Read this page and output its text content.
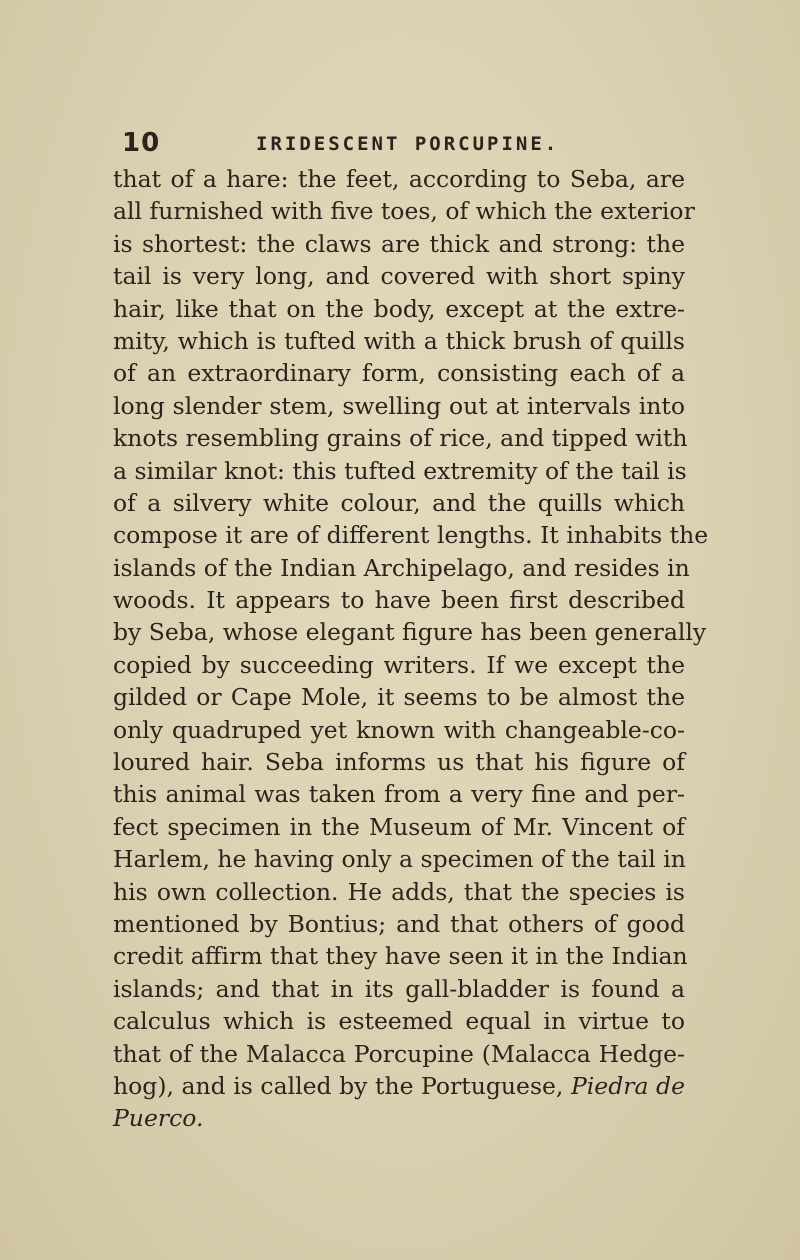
10	IRIDESCENT PORCUPINE.
that of a hare: the feet, according to Seba, are
all furnished with five toes, of which the exterior
is shortest: the claws are thick and strong: the
tail is very long, and covered with short spiny
hair, like that on the body, except at the extre-
mity, which is tufted with a thick brush of quills
of an extraordinary form, consisting each of a
long slender stem, swelling out at intervals into
knots resembling grains of rice, and tipped with
a similar knot: this tufted extremity of the tail is
of a silvery white colour, and the quills which
compose it are of different lengths. It inhabits the
islands of the Indian Archipelago, and resides in
woods. It appears to have been first described
by Seba, whose elegant figure has been generally
copied by succeeding writers. If we except the
gilded or Cape Mole, it seems to be almost the
only quadruped yet known with changeable-co-
loured hair. Seba informs us that his figure of
this animal was taken from a very fine and per-
fect specimen in the Museum of Mr. Vincent of
Harlem, he having only a specimen of the tail in
his own collection. He adds, that the species is
mentioned by Bontius; and that others of good
credit affirm that they have seen it in the Indian
islands; and that in its gall-bladder is found a
calculus which is esteemed equal in virtue to
that of the Malacca Porcupine (Malacca Hedge-
hog), and is called by the Portuguese, Piedra de
Puerco.
